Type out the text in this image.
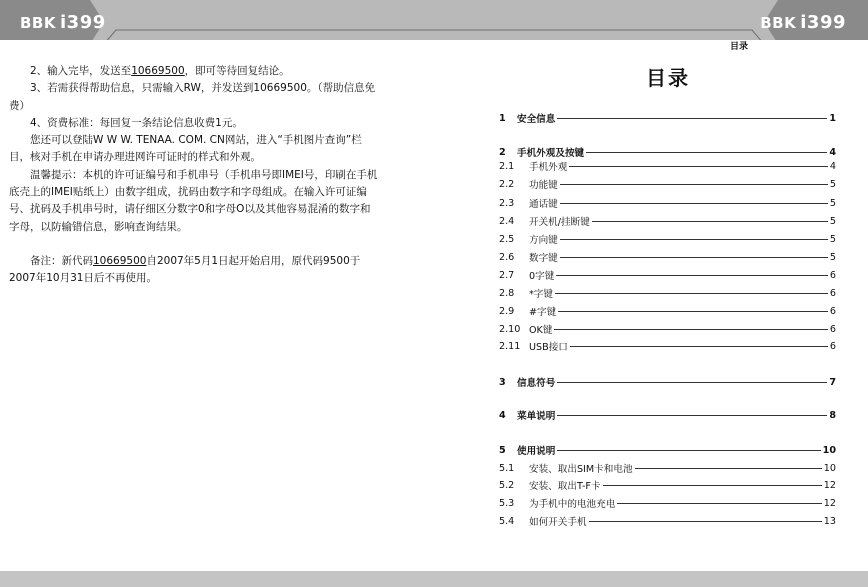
BBK i399	BBK i399
目录

2、输入完毕，发送至10669500，即可等待回复结论。

3、若需获得帮助信息，只需输入RW，并发送到10669500。（帮助信息免费）

4、资费标准：每回复一条结论信息收费1元。

您还可以登陆W W W. TENAA. COM. CN网站，进入“手机图片查询”栏目，核对手机在申请办理进网许可证时的样式和外观。

温馨提示：本机的许可证编号和手机串号（手机串号即IMEI号，印刷在手机底壳上的IMEI贴纸上）由数字组成，扰码由数字和字母组成。在输入许可证编号、扰码及手机串号时，请仔细区分数字0和字母O以及其他容易混淆的数字和字母，以防输错信息，影响查询结果。

备注：新代码10669500自2007年5月1日起开始启用，原代码9500于2007年10月31日后不再使用。

目录
1	安全信息	1
2	手机外观及按键	4
2.1	手机外观	4
2.2	功能键	5
2.3	通话键	5
2.4	开关机/挂断键	5
2.5	方向键	5
2.6	数字键	5
2.7	0字键	6
2.8	*字键	6
2.9	#字键	6
2.10 OK键	6
2.11 USB接口	6
3	信息符号	7
4	菜单说明	8
5	使用说明	10
5.1	安装、取出SIM卡和电池	10
5.2	安装、取出T-F卡	12
5.3	为手机中的电池充电	12
5.4	如何开关手机	13
